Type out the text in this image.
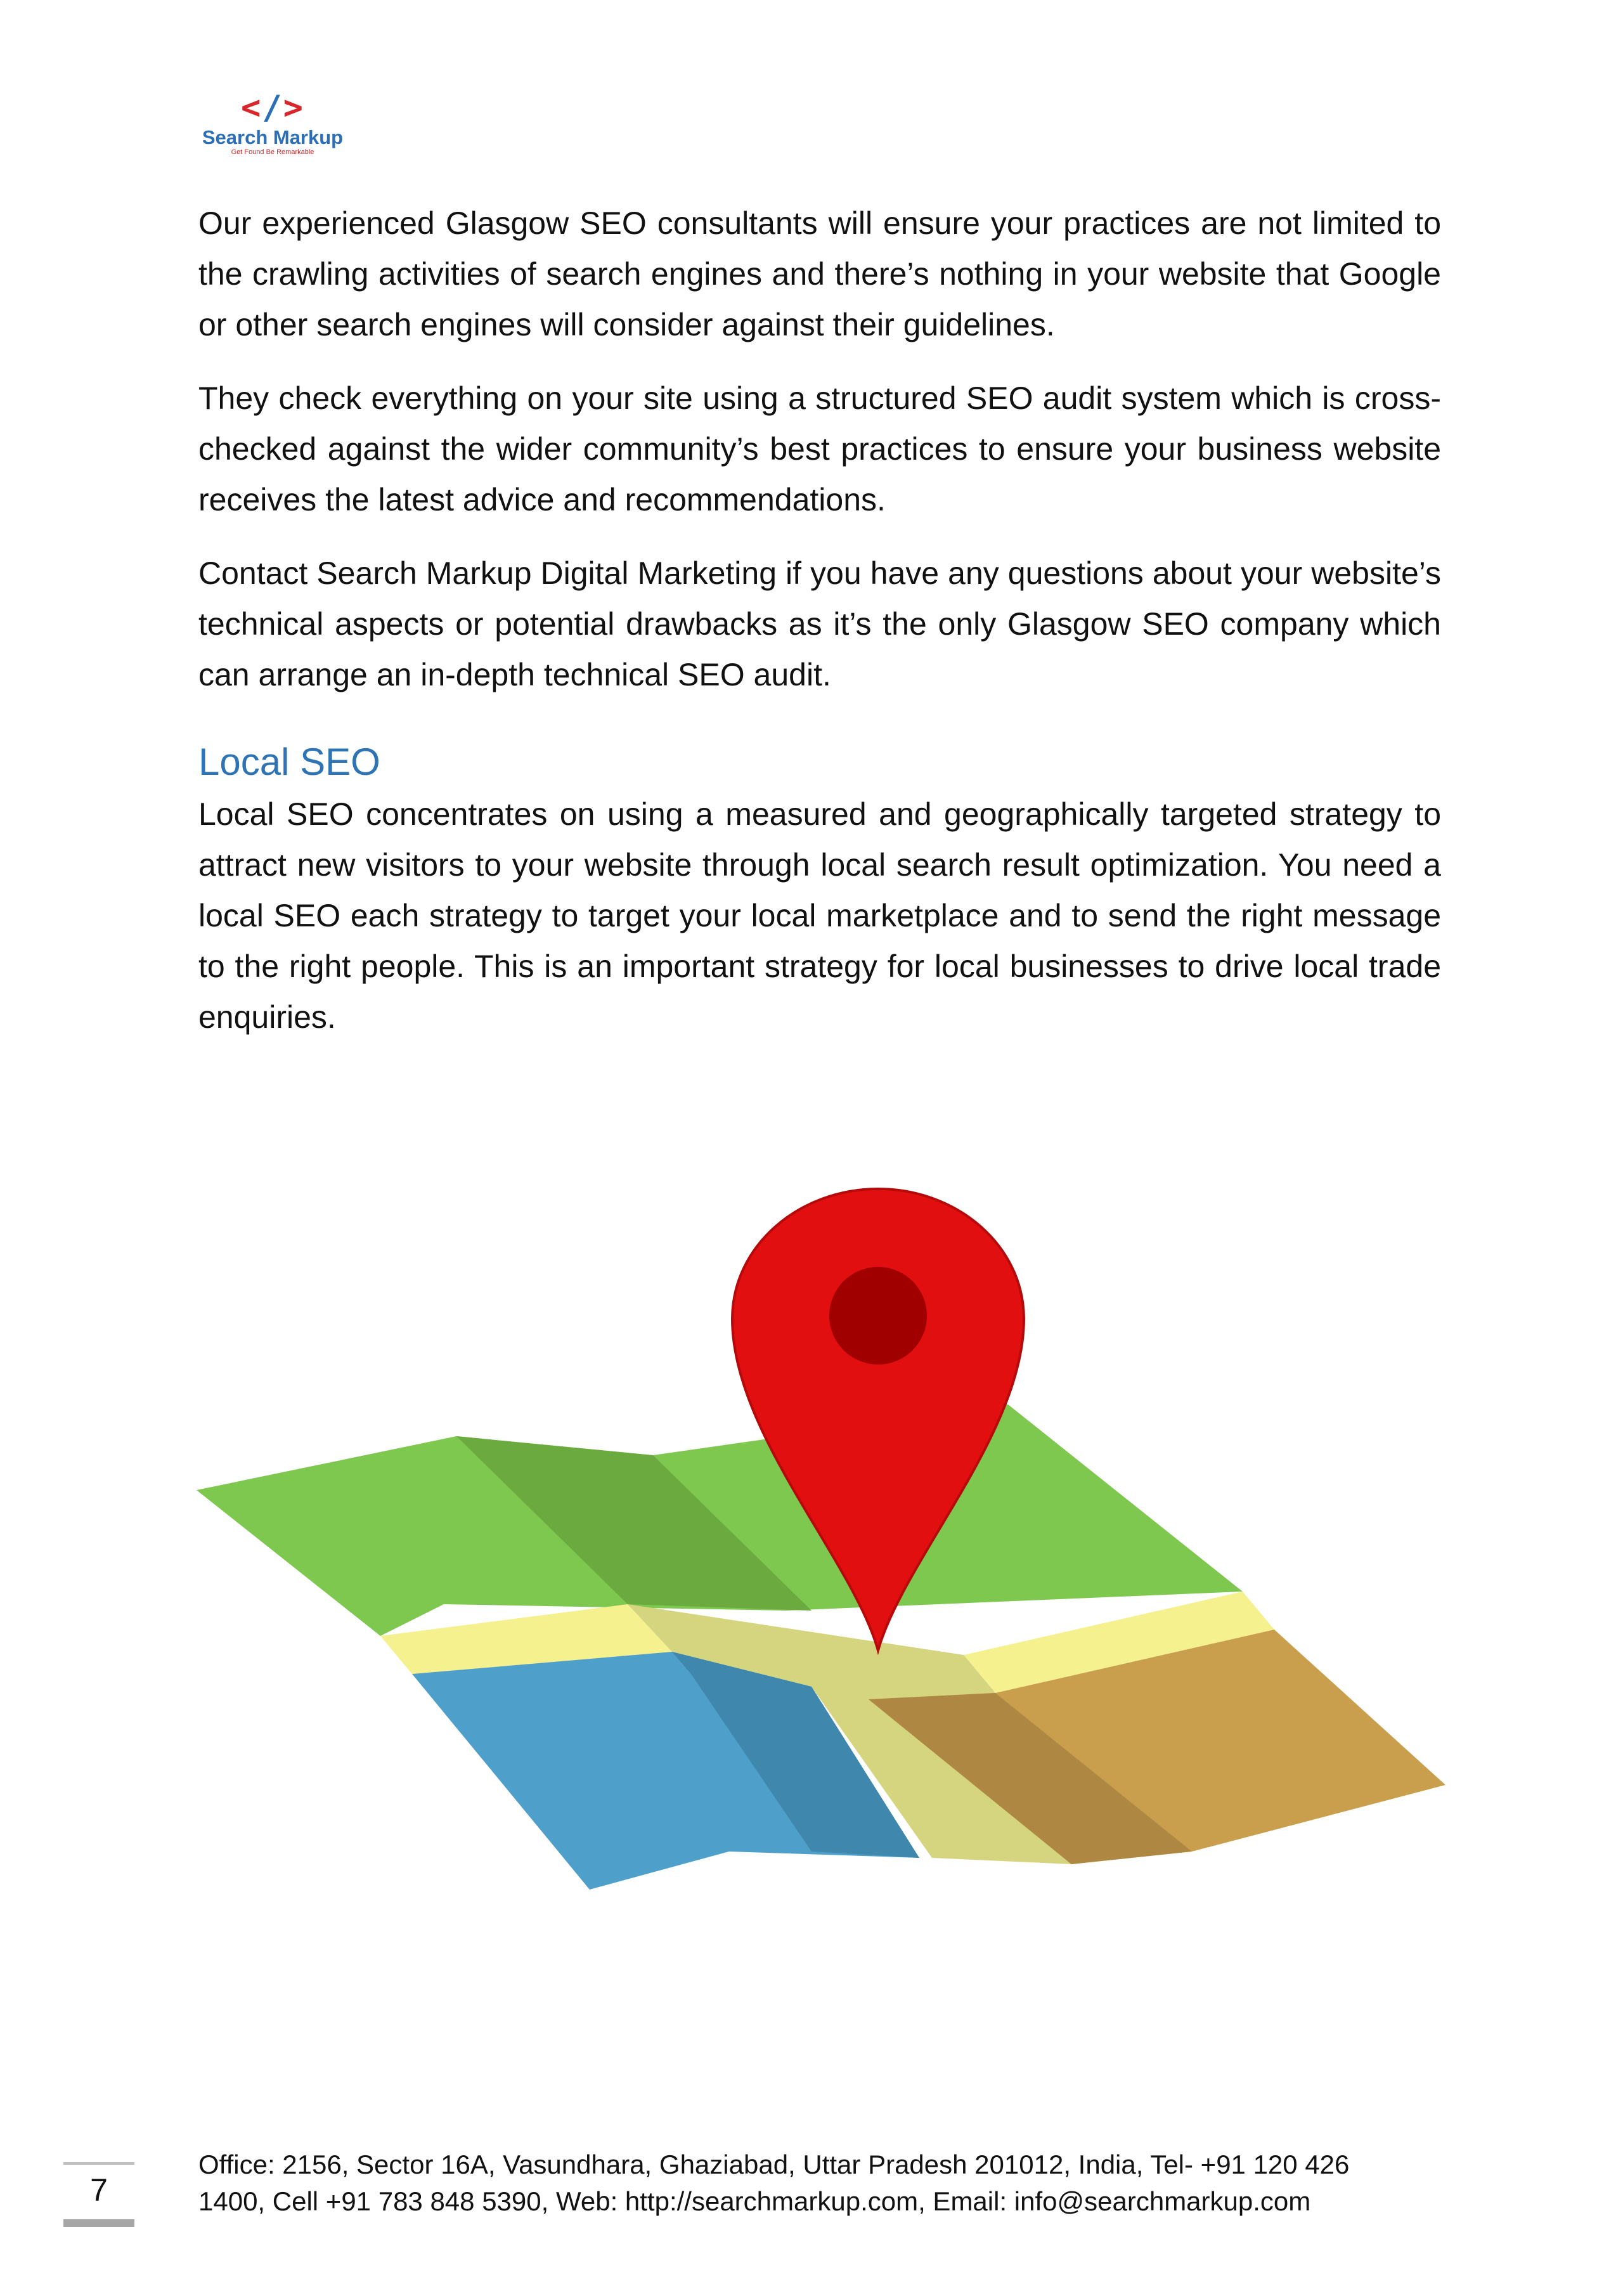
</>
Search Markup
Get Found Be Remarkable

Our experienced Glasgow SEO consultants will ensure your practices are not limited to the crawling activities of search engines and there’s nothing in your website that Google or other search engines will consider against their guidelines.

They check everything on your site using a structured SEO audit system which is cross-checked against the wider community’s best practices to ensure your business website receives the latest advice and recommendations.

Contact Search Markup Digital Marketing if you have any questions about your website’s technical aspects or potential drawbacks as it’s the only Glasgow SEO company which can arrange an in-depth technical SEO audit.

Local SEO

Local SEO concentrates on using a measured and geographically targeted strategy to attract new visitors to your website through local search result optimization. You need a local SEO each strategy to target your local marketplace and to send the right message to the right people. This is an important strategy for local businesses to drive local trade enquiries.

7
Office: 2156, Sector 16A, Vasundhara, Ghaziabad, Uttar Pradesh 201012, India, Tel- +91 120 426
1400, Cell +91 783 848 5390, Web: http://searchmarkup.com, Email: info@searchmarkup.com
